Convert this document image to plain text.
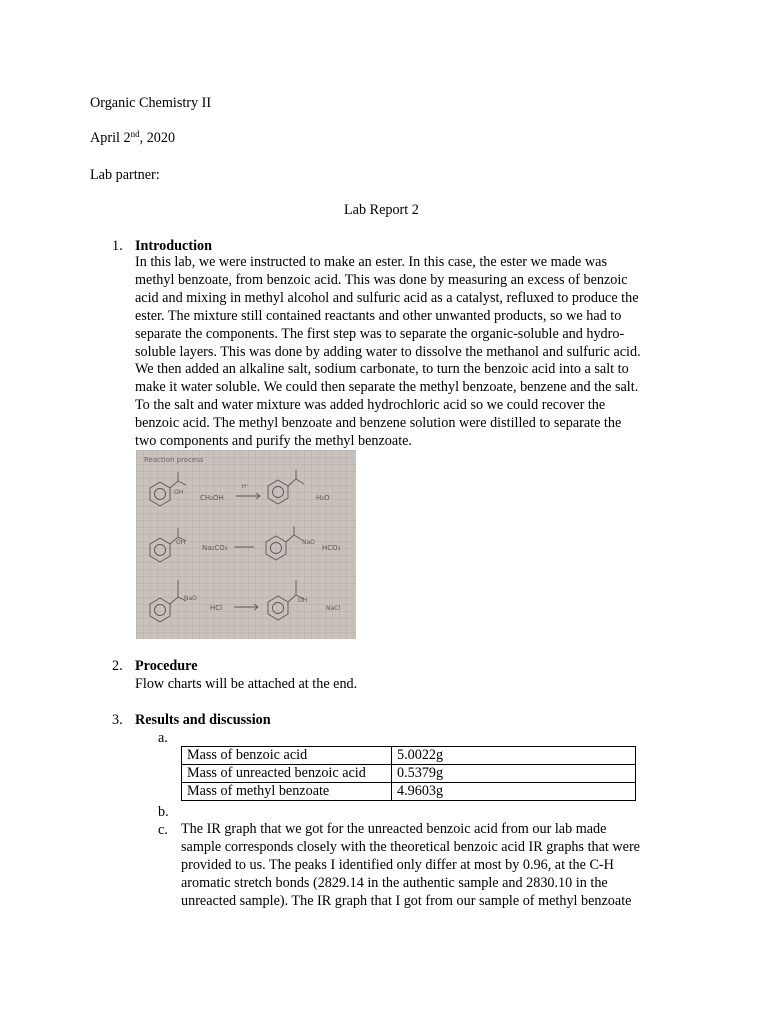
Organic Chemistry II
April 2nd, 2020
Lab partner:
Lab Report 2
1. Introduction
In this lab, we were instructed to make an ester. In this case, the ester we made was
methyl benzoate, from benzoic acid. This was done by measuring an excess of benzoic
acid and mixing in methyl alcohol and sulfuric acid as a catalyst, refluxed to produce the
ester. The mixture still contained reactants and other unwanted products, so we had to
separate the components. The first step was to separate the organic-soluble and hydro-
soluble layers. This was done by adding water to dissolve the methanol and sulfuric acid.
We then added an alkaline salt, sodium carbonate, to turn the benzoic acid into a salt to
make it water soluble. We could then separate the methyl benzoate, benzene and the salt.
To the salt and water mixture was added hydrochloric acid so we could recover the
benzoic acid. The methyl benzoate and benzene solution were distilled to separate the
two components and purify the methyl benzoate.
Reaction process
OH
CH₃OH
H⁺
H₂O
OH
Na₂CO₃
NaO
HCO₃
NaO
HCl
OH
NaCl
2. Procedure
Flow charts will be attached at the end.
3. Results and discussion
a.
Mass of benzoic acid	5.0022g
Mass of unreacted benzoic acid	0.5379g
Mass of methyl benzoate	4.9603g
b.
c. The IR graph that we got for the unreacted benzoic acid from our lab made
sample corresponds closely with the theoretical benzoic acid IR graphs that were
provided to us. The peaks I identified only differ at most by 0.96, at the C-H
aromatic stretch bonds (2829.14 in the authentic sample and 2830.10 in the
unreacted sample). The IR graph that I got from our sample of methyl benzoate
